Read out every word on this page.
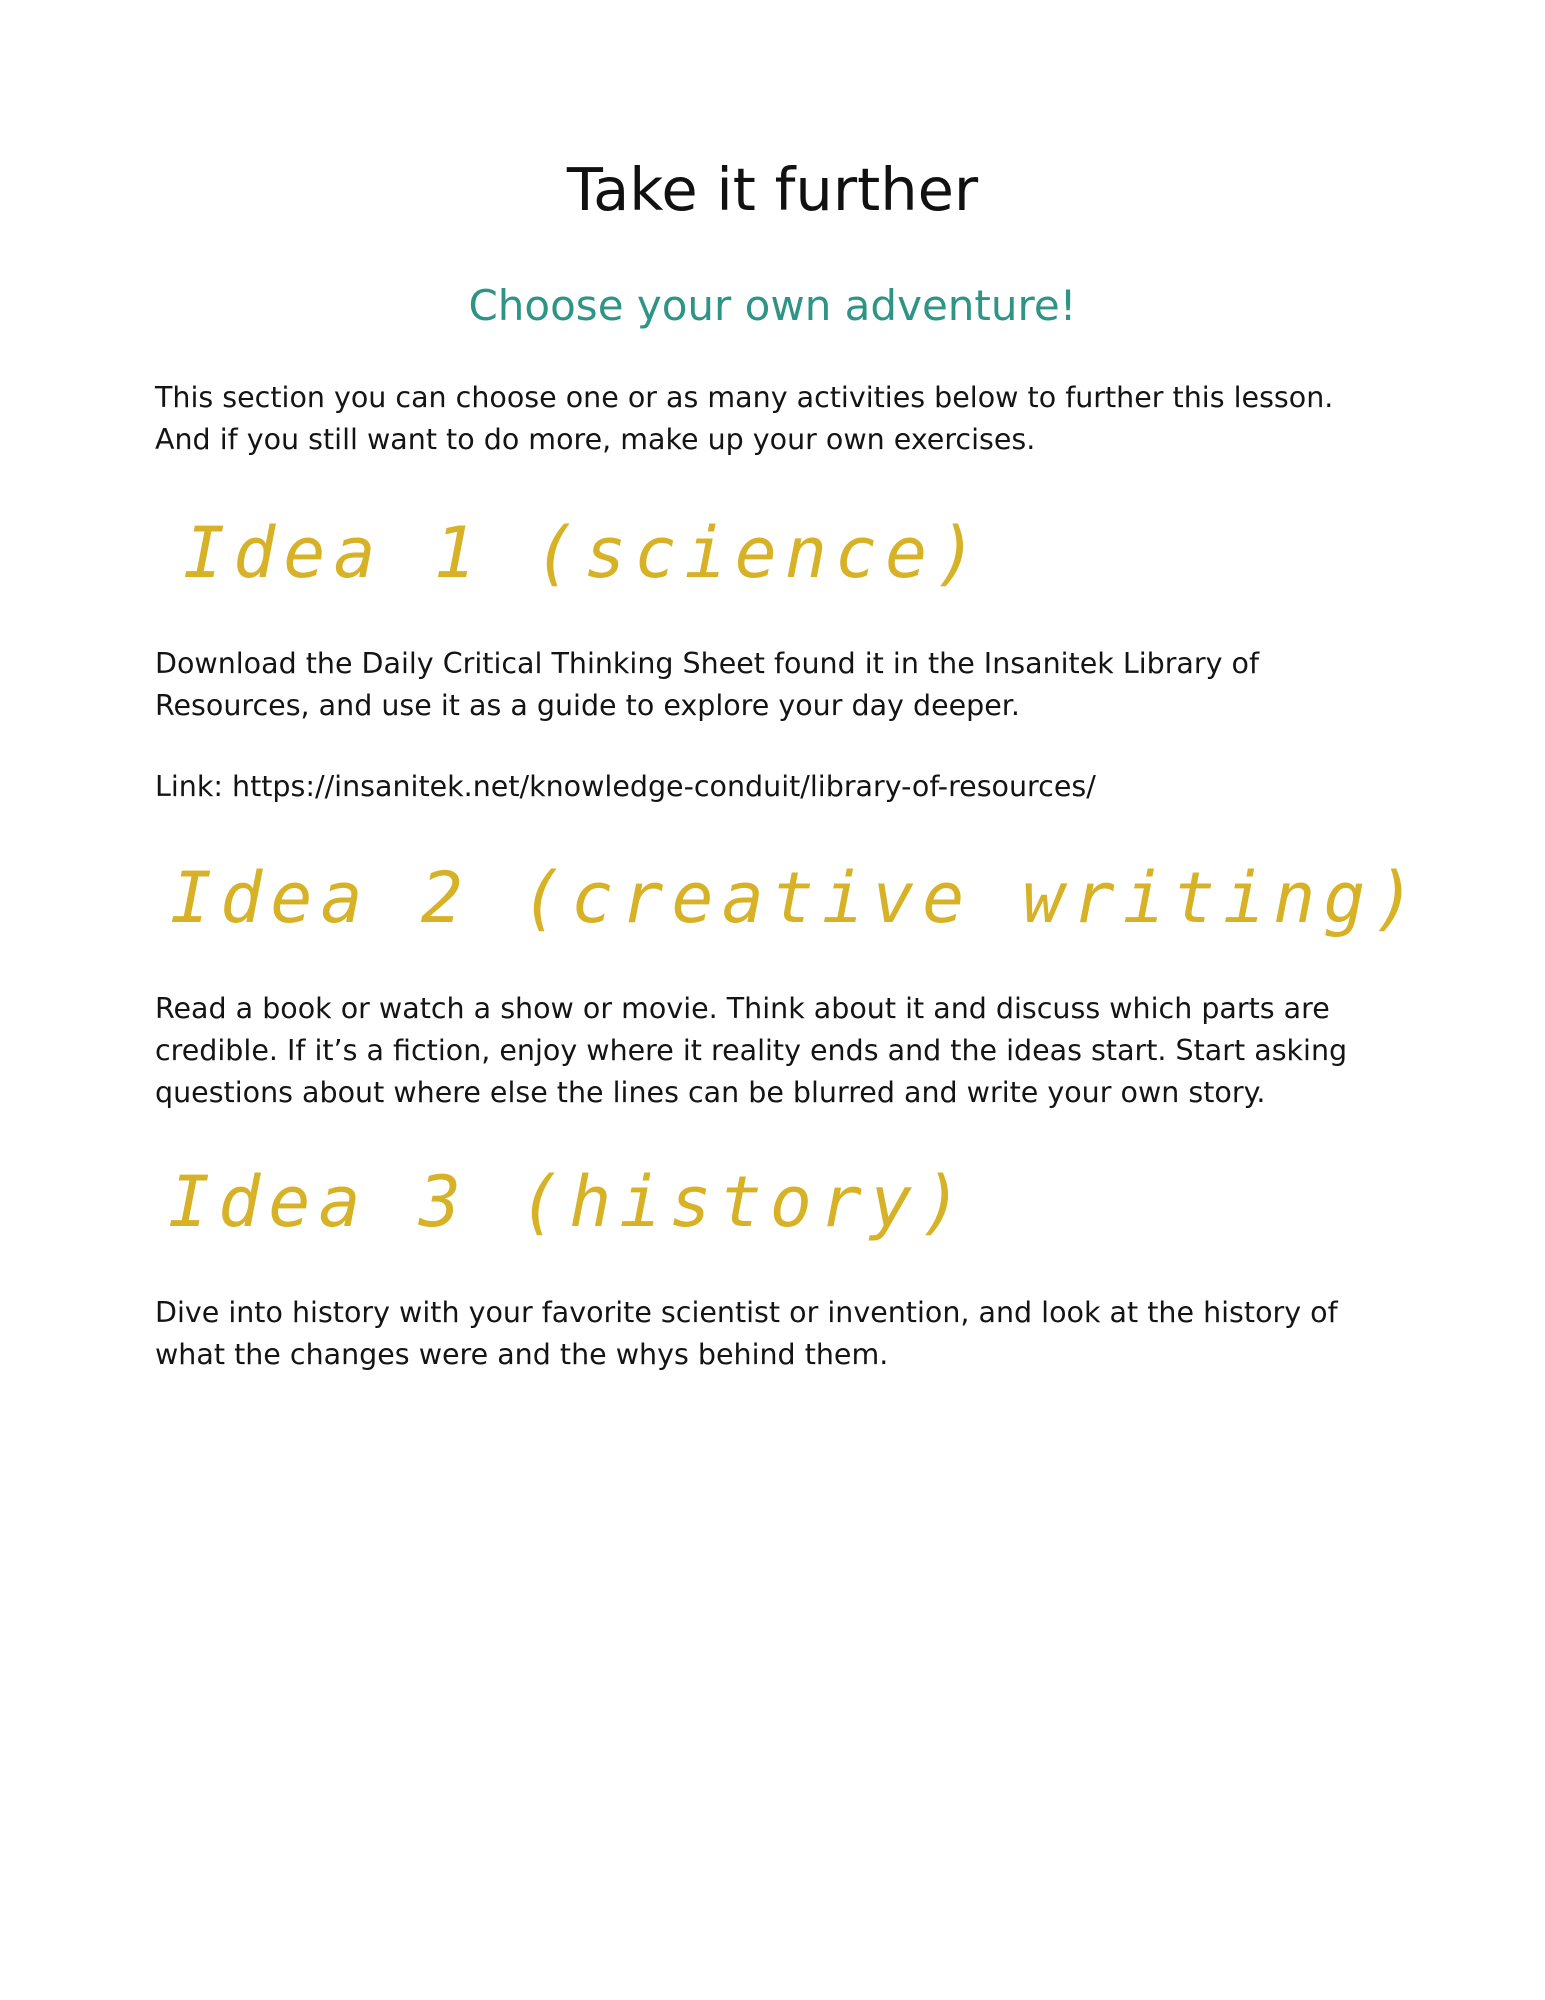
Take it further
Choose your own adventure!
This section you can choose one or as many activities below to further this lesson.
And if you still want to do more, make up your own exercises.
Idea 1 (science)
Download the Daily Critical Thinking Sheet found it in the Insanitek Library of
Resources, and use it as a guide to explore your day deeper.
Link: https://insanitek.net/knowledge-conduit/library-of-resources/
Idea 2 (creative writing)
Read a book or watch a show or movie. Think about it and discuss which parts are
credible. If it’s a fiction, enjoy where it reality ends and the ideas start. Start asking
questions about where else the lines can be blurred and write your own story.
Idea 3 (history)
Dive into history with your favorite scientist or invention, and look at the history of
what the changes were and the whys behind them.
